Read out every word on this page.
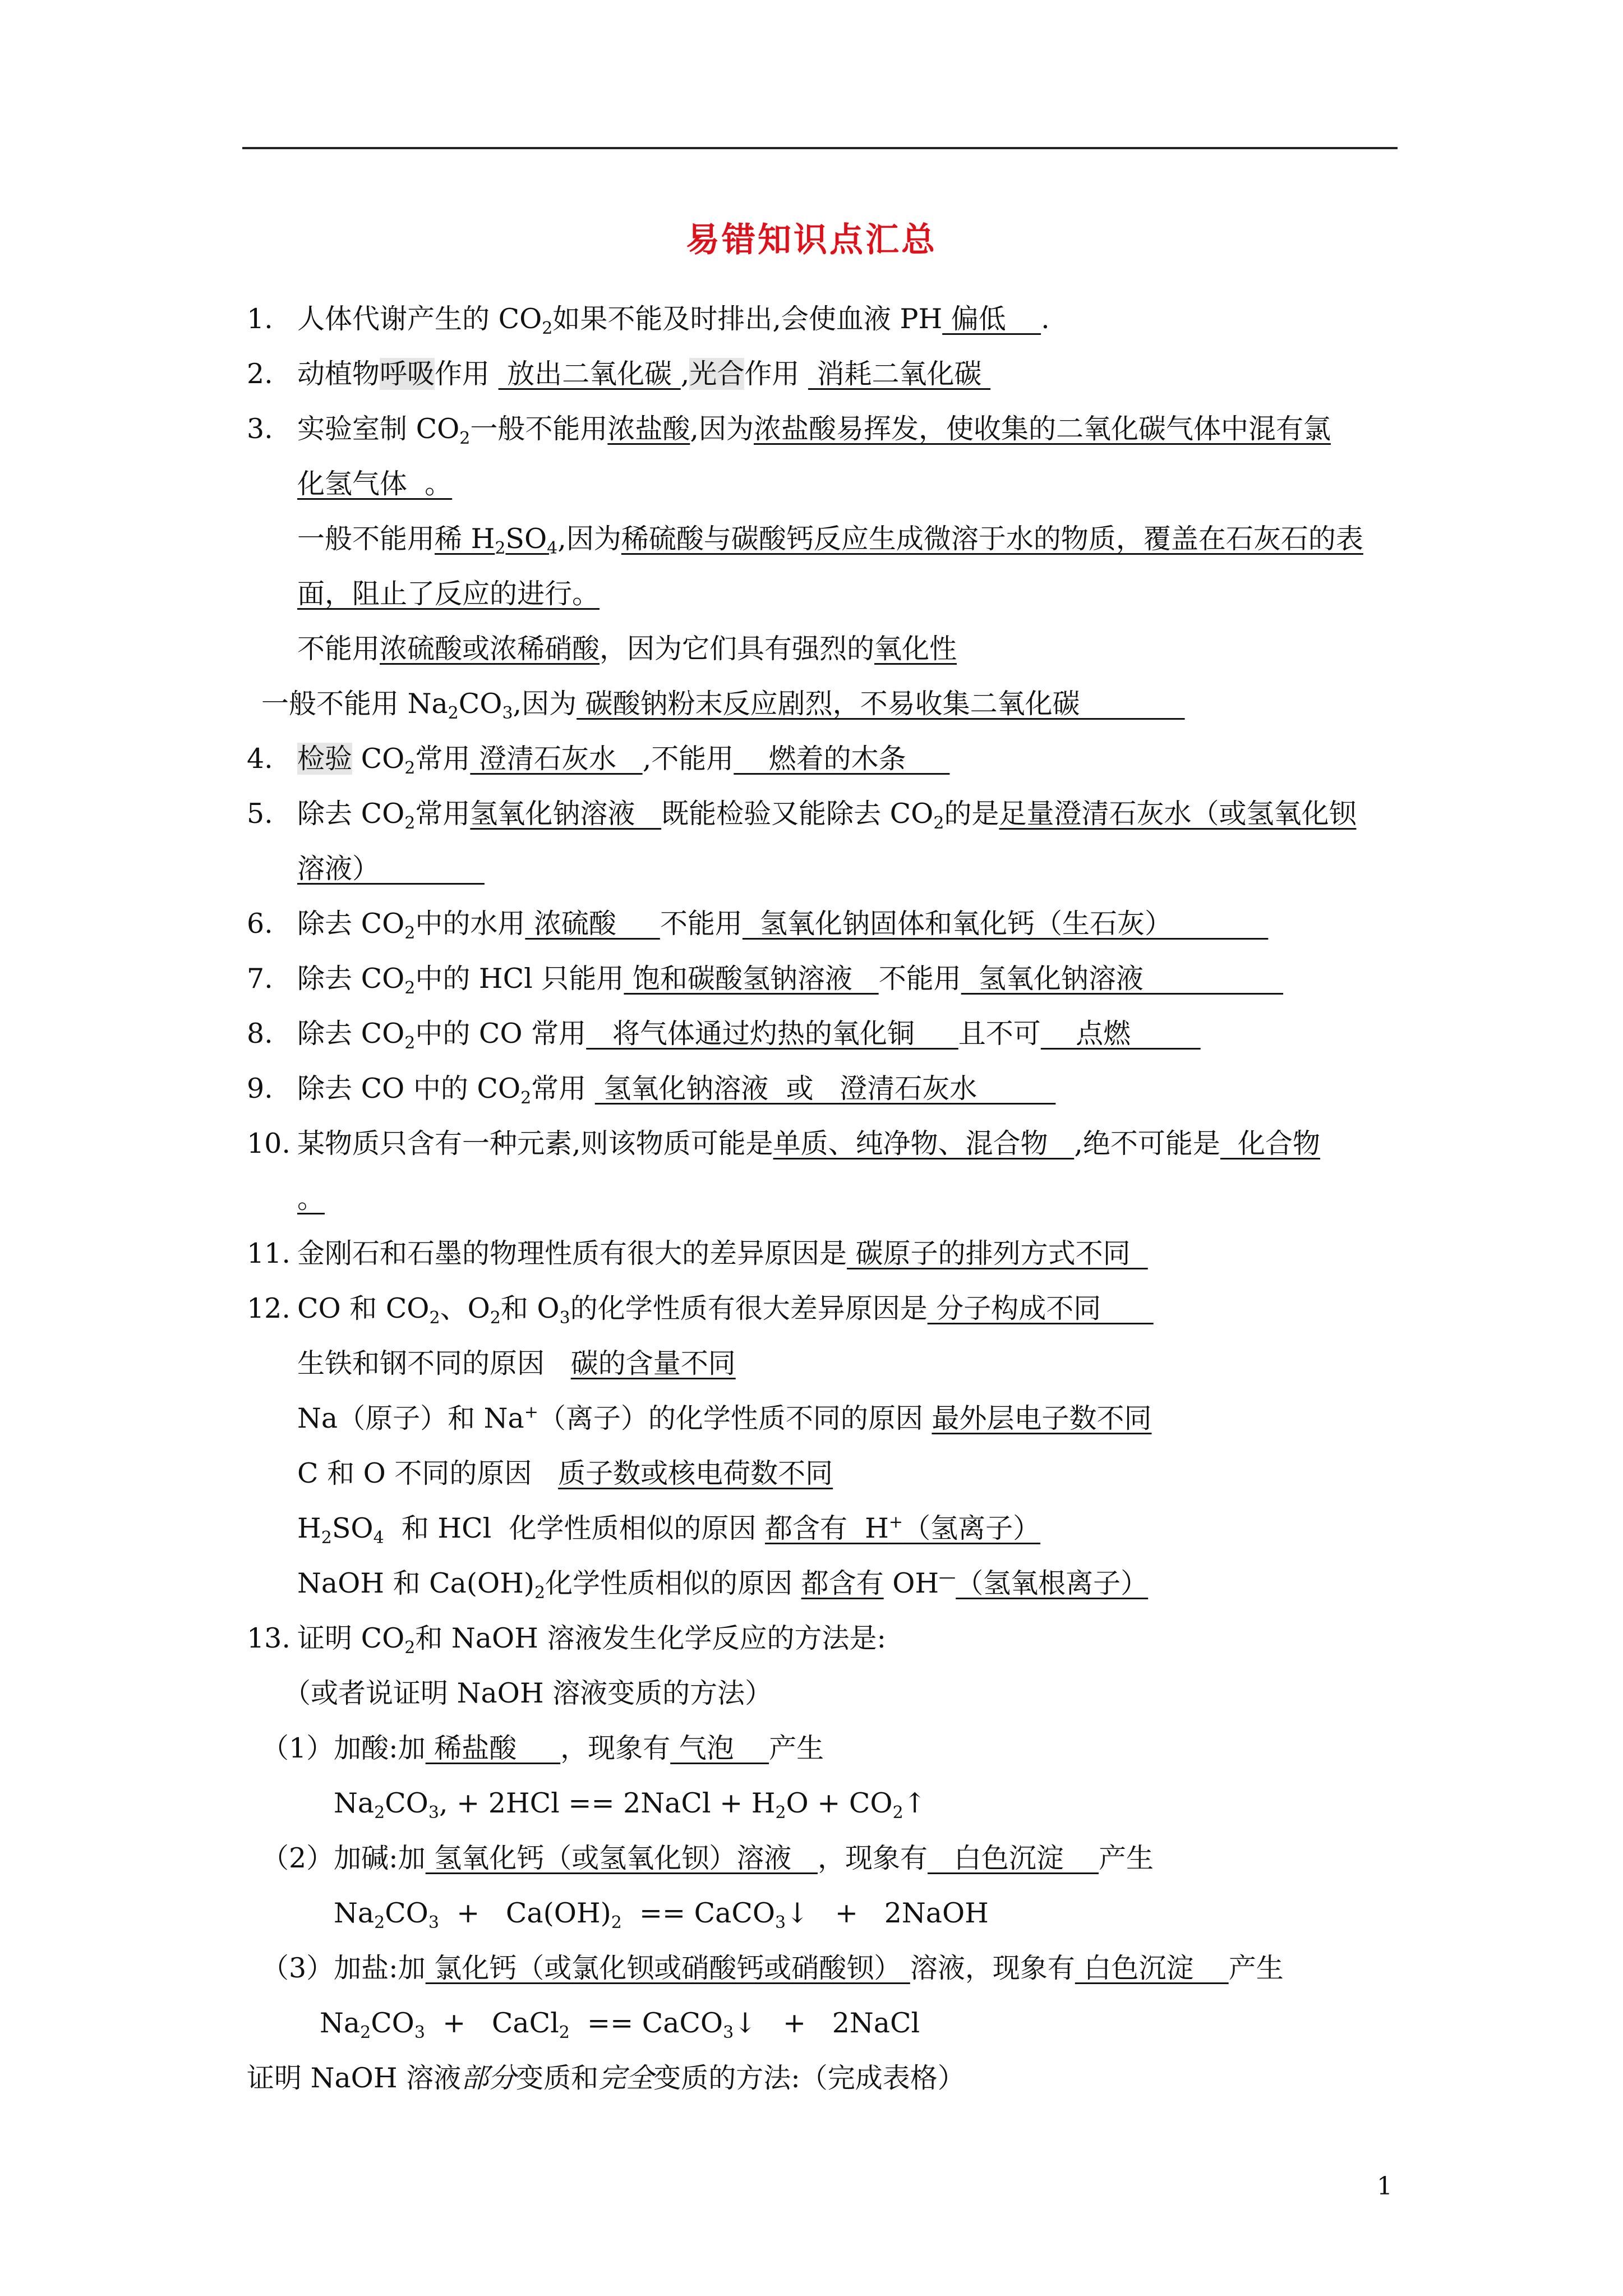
易错知识点汇总
1. 人体代谢产生的 $CO_2$如果不能及时排出,会使血液 PH 偏低    .
2. 动植物呼吸作用  放出二氧化碳 ,光合作用  消耗二氧化碳
3. 实验室制 $CO_2$一般不能用浓盐酸,因为浓盐酸易挥发，使收集的二氧化碳气体中混有氯
化氢气体  。
一般不能用稀 $H_2SO_4$,因为稀硫酸与碳酸钙反应生成微溶于水的物质，覆盖在石灰石的表
面，阻止了反应的进行。
不能用浓硫酸或浓稀硝酸，因为它们具有强烈的氧化性
一般不能用 $Na_2CO_3$,因为 碳酸钠粉末反应剧烈，不易收集二氧化碳
4. 检验 $CO_2$常用 澄清石灰水   ,不能用    燃着的木条
5. 除去 $CO_2$常用氢氧化钠溶液   既能检验又能除去 $CO_2$的是足量澄清石灰水（或氢氧化钡
溶液）
6. 除去 $CO_2$中的水用 浓硫酸     不能用  氢氧化钠固体和氧化钙（生石灰）
7. 除去 $CO_2$中的 HCl 只能用 饱和碳酸氢钠溶液   不能用  氢氧化钠溶液
8. 除去 $CO_2$中的 CO 常用   将气体通过灼热的氧化铜     且不可    点燃
9. 除去 CO 中的 $CO_2$常用  氢氧化钠溶液  或   澄清石灰水
10. 某物质只含有一种元素,则该物质可能是单质、纯净物、混合物   ,绝不可能是  化合物
。
11. 金刚石和石墨的物理性质有很大的差异原因是 碳原子的排列方式不同
12. CO 和 $CO_2$、$O_2$和 $O_3$的化学性质有很大差异原因是 分子构成不同
生铁和钢不同的原因   碳的含量不同
Na（原子）和 Na+（离子）的化学性质不同的原因 最外层电子数不同
C 和 O 不同的原因   质子数或核电荷数不同
$H_2SO_4$  和 HCl  化学性质相似的原因 都含有  H+（氢离子）
NaOH 和 $Ca(OH)_2$化学性质相似的原因 都含有 OH—（氢氧根离子）
13. 证明 $CO_2$和 NaOH 溶液发生化学反应的方法是:
（或者说证明 NaOH 溶液变质的方法）
（1）加酸:加 稀盐酸     ，现象有 气泡    产生
$Na_2CO_3$, + 2HCl == 2NaCl + $H_2O$ + $CO_2↑$
（2）加碱:加 氢氧化钙（或氢氧化钡）溶液   ，现象有   白色沉淀    产生
$Na_2CO_3 + Ca(OH)_2$  == CaCO$_3$↓   +   2NaOH
（3）加盐:加 氯化钙（或氯化钡或硝酸钙或硝酸钡） 溶液，现象有 白色沉淀    产生
$Na_2CO_3$  +   CaCl$_2$  == CaCO$_3$↓   +   2NaCl
证明 NaOH 溶液部分变质和完全变质的方法:（完成表格）
1
